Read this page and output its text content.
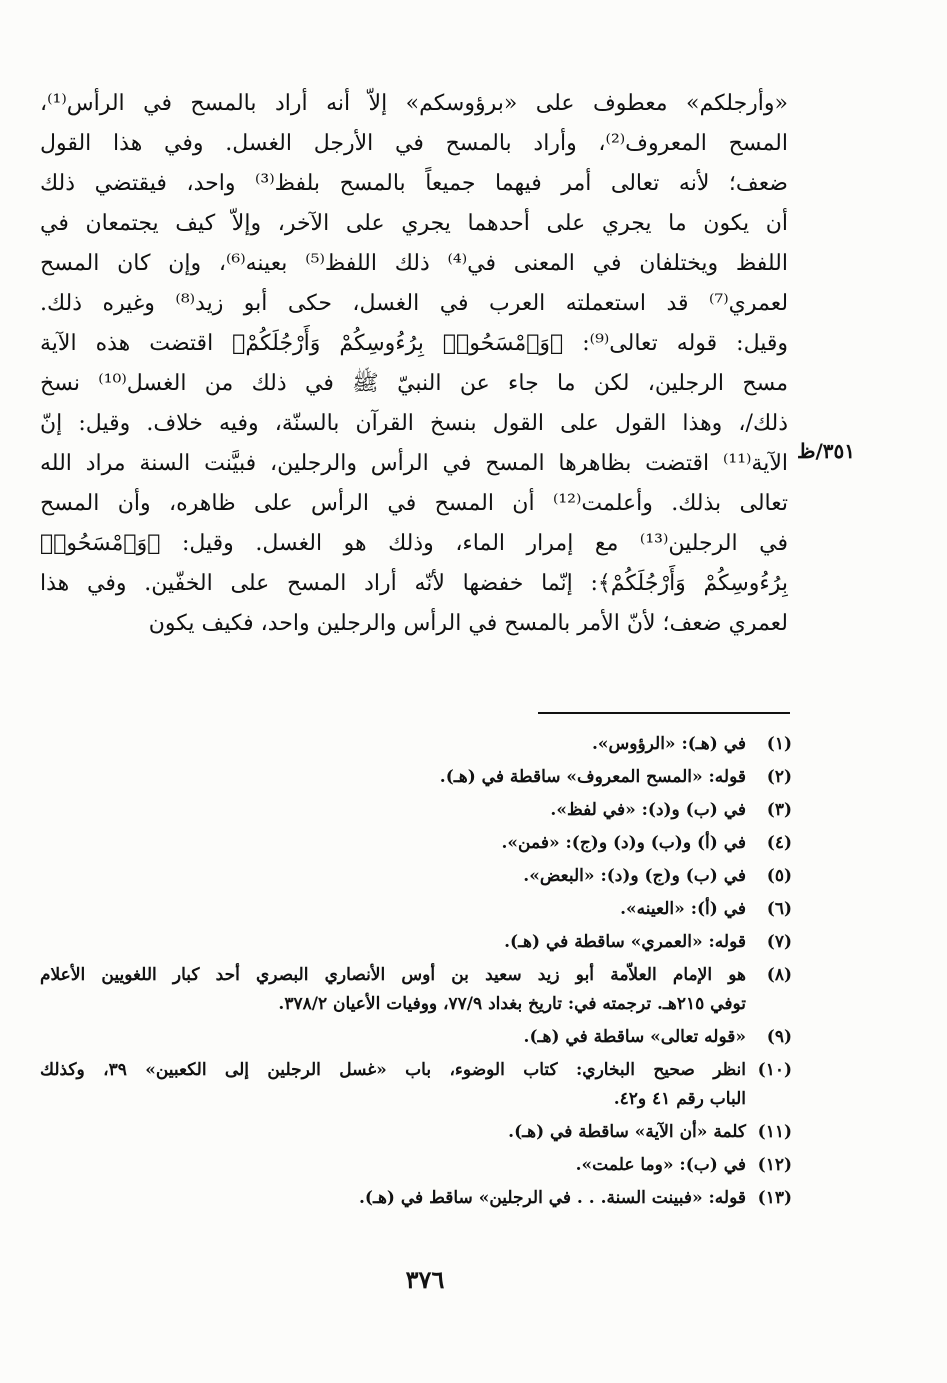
«وأرجلكم» معطوف على «برؤوسكم» إلاّ أنه أراد بالمسح في الرأس⁽¹⁾،
المسح المعروف⁽²⁾، وأراد بالمسح في الأرجل الغسل. وفي هذا القول
ضعف؛ لأنه تعالى أمر فيهما جميعاً بالمسح بلفظ⁽³⁾ واحد، فيقتضي ذلك
أن يكون ما يجري على أحدهما يجري على الآخر، وإلاّ كيف يجتمعان في
اللفظ ويختلفان في المعنى في⁽⁴⁾ ذلك اللفظ⁽⁵⁾ بعينه⁽⁶⁾، وإن كان المسح
لعمري⁽⁷⁾ قد استعملته العرب في الغسل، حكى أبو زيد⁽⁸⁾ وغيره ذلك.
وقيل: قوله تعالى⁽⁹⁾: ﴿وَٱمْسَحُوا۟ بِرُءُوسِكُمْ وَأَرْجُلَكُمْ﴾ اقتضت هذه الآية
مسح الرجلين، لكن ما جاء عن النبيّ ﷺ في ذلك من الغسل⁽¹⁰⁾ نسخ
ذلك/، وهذا القول على القول بنسخ القرآن بالسنّة، وفيه خلاف. وقيل: إنّ
الآية⁽¹¹⁾ اقتضت بظاهرها المسح في الرأس والرجلين، فبيَّنت السنة مراد الله
تعالى بذلك. وأعلمت⁽¹²⁾ أن المسح في الرأس على ظاهره، وأن المسح
في الرجلين⁽¹³⁾ مع إمرار الماء، وذلك هو الغسل. وقيل: ﴿وَٱمْسَحُوا۟
بِرُءُوسِكُمْ وَأَرْجُلَكُمْ﴾: إنّما خفضها لأنّه أراد المسح على الخفّين. وفي هذا
لعمري ضعف؛ لأنّ الأمر بالمسح في الرأس والرجلين واحد، فكيف يكون
٣٥١/ظ
(١)
في (هـ): «الرؤوس».
(٢)
قوله: «المسح المعروف» ساقطة في (هـ).
(٣)
في (ب) و(د): «في لفظ».
(٤)
في (أ) و(ب) و(د) و(ج): «فمن».
(٥)
في (ب) و(ج) و(د): «البعض».
(٦)
في (أ): «العينه».
(٧)
قوله: «العمري» ساقطة في (هـ).
(٨)
هو الإمام العلاّمة أبو زيد سعيد بن أوس الأنصاري البصري أحد كبار اللغويين الأعلام
توفي ٢١٥هـ. ترجمته في: تاريخ بغداد ٧٧/٩، ووفيات الأعيان ٣٧٨/٢.
(٩)
«قوله تعالى» ساقطة في (هـ).
(١٠)
انظر صحيح البخاري: كتاب الوضوء، باب «غسل الرجلين إلى الكعبين» ٣٩، وكذلك
الباب رقم ٤١ و٤٢.
(١١)
كلمة «أن الآية» ساقطة في (هـ).
(١٢)
في (ب): «وما علمت».
(١٣)
قوله: «فبينت السنة. . . في الرجلين» ساقط في (هـ).
٣٧٦
